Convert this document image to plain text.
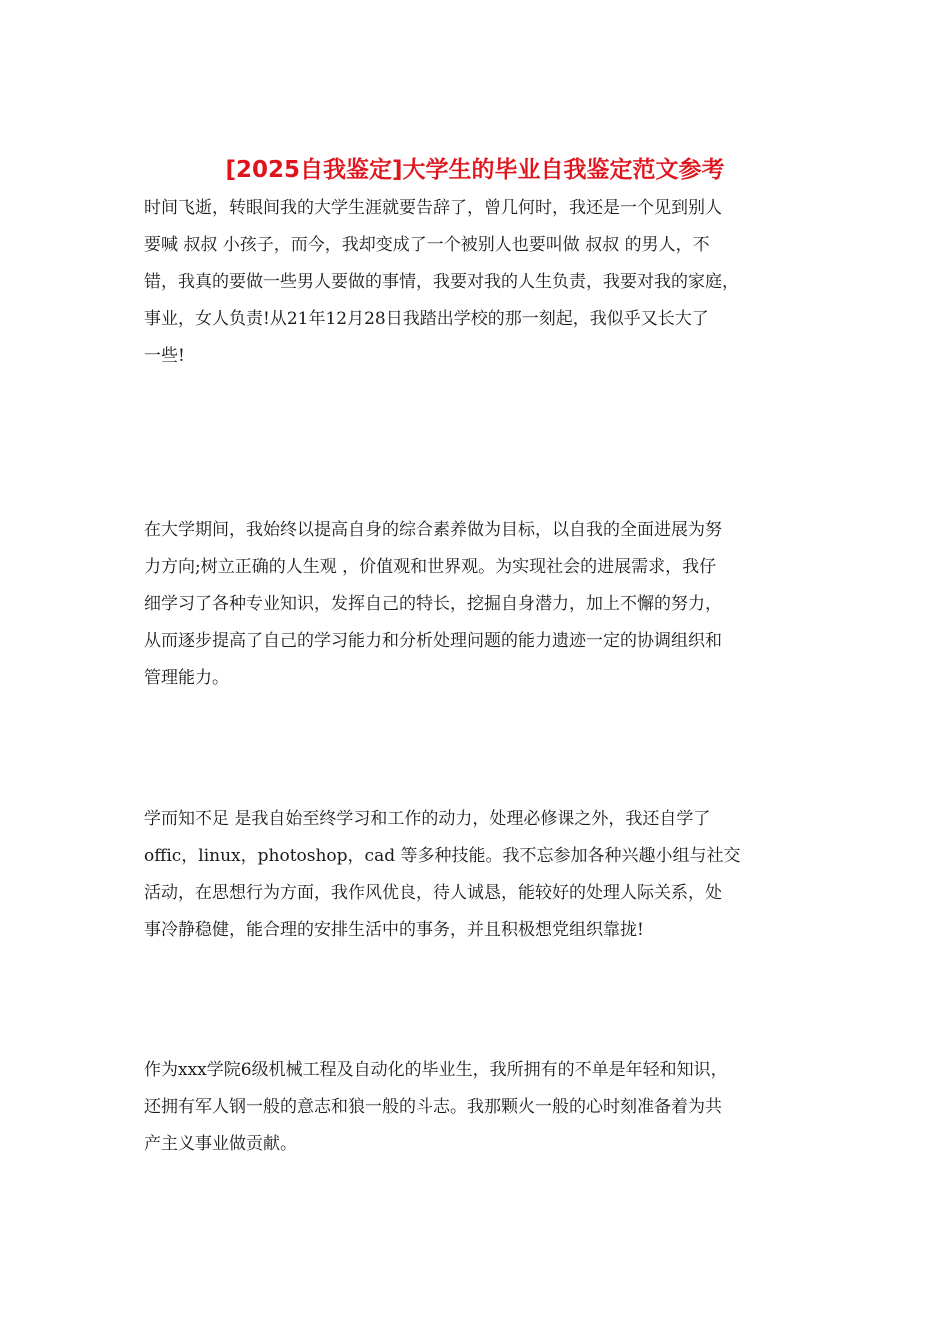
[2025自我鉴定]大学生的毕业自我鉴定范文参考
时间飞逝，转眼间我的大学生涯就要告辞了，曾几何时，我还是一个见到别人
要喊 叔叔 小孩子，而今，我却变成了一个被别人也要叫做 叔叔 的男人，不
错，我真的要做一些男人要做的事情，我要对我的人生负责，我要对我的家庭，
事业，女人负责!从21年12月28日我踏出学校的那一刻起，我似乎又长大了
一些!
在大学期间，我始终以提高自身的综合素养做为目标，以自我的全面进展为努
力方向;树立正确的人生观 ，价值观和世界观。为实现社会的进展需求，我仔
细学习了各种专业知识，发挥自己的特长，挖掘自身潜力，加上不懈的努力，
从而逐步提高了自己的学习能力和分析处理问题的能力遗迹一定的协调组织和
管理能力。
学而知不足 是我自始至终学习和工作的动力，处理必修课之外，我还自学了
offic，linux，photoshop，cad 等多种技能。我不忘参加各种兴趣小组与社交
活动，在思想行为方面，我作风优良，待人诚恳，能较好的处理人际关系，处
事冷静稳健，能合理的安排生活中的事务，并且积极想党组织靠拢!
作为xxx学院6级机械工程及自动化的毕业生，我所拥有的不单是年轻和知识，
还拥有军人钢一般的意志和狼一般的斗志。我那颗火一般的心时刻准备着为共
产主义事业做贡献。
